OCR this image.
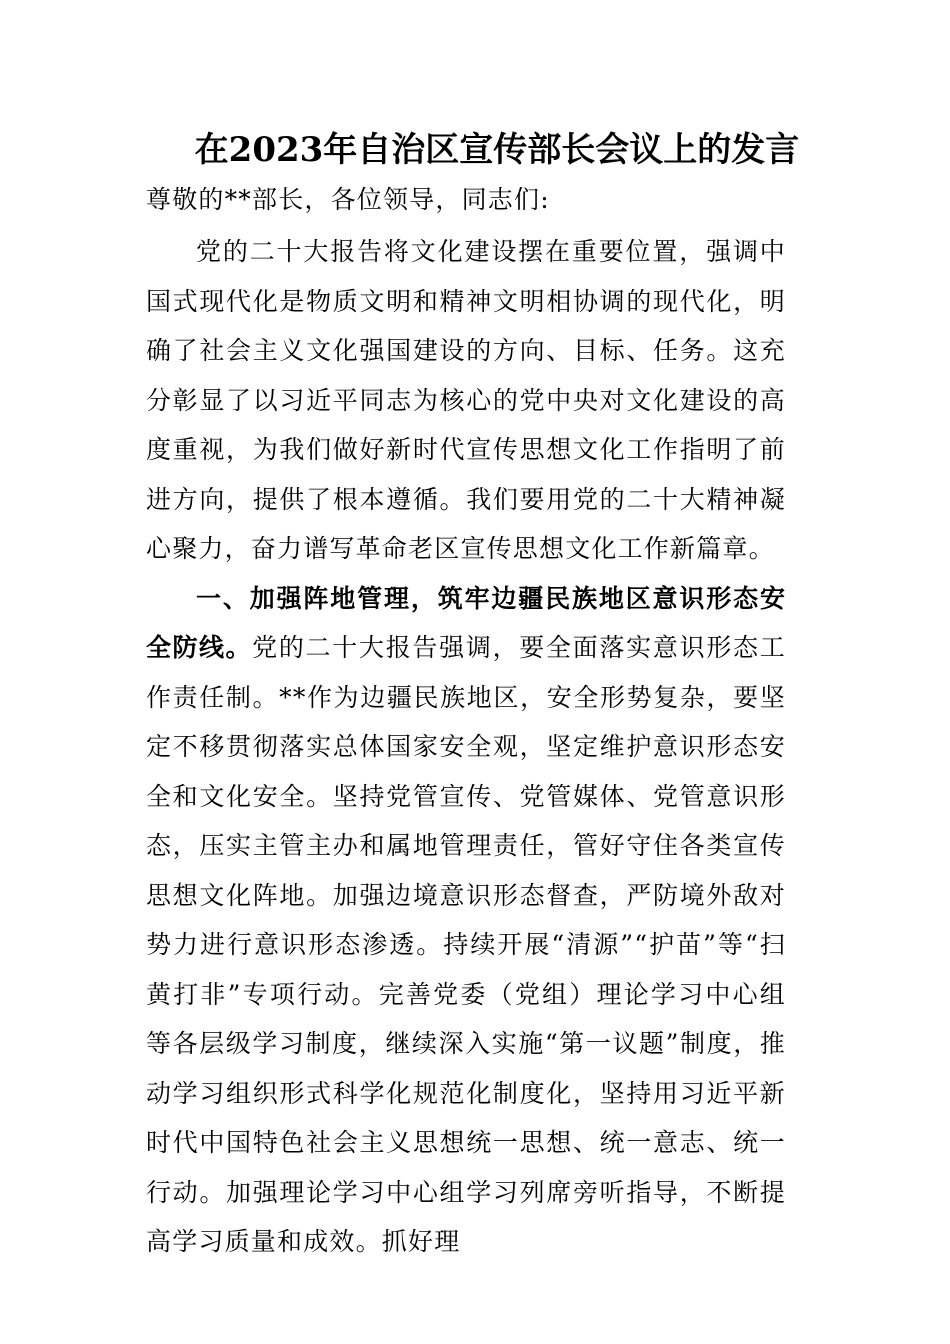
在2023年自治区宣传部长会议上的发言
尊敬的**部长，各位领导，同志们:

党的二十大报告将文化建设摆在重要位置，强调中国式现代化是物质文明和精神文明相协调的现代化，明确了社会主义文化强国建设的方向、目标、任务。这充分彰显了以习近平同志为核心的党中央对文化建设的高度重视，为我们做好新时代宣传思想文化工作指明了前进方向，提供了根本遵循。我们要用党的二十大精神凝心聚力，奋力谱写革命老区宣传思想文化工作新篇章。

一、加强阵地管理，筑牢边疆民族地区意识形态安全防线。党的二十大报告强调，要全面落实意识形态工作责任制。**作为边疆民族地区，安全形势复杂，要坚定不移贯彻落实总体国家安全观，坚定维护意识形态安全和文化安全。坚持党管宣传、党管媒体、党管意识形态，压实主管主办和属地管理责任，管好守住各类宣传思想文化阵地。加强边境意识形态督查，严防境外敌对势力进行意识形态渗透。持续开展“清源”“护苗”等“扫黄打非”专项行动。完善党委（党组）理论学习中心组等各层级学习制度，继续深入实施“第一议题”制度，推动学习组织形式科学化规范化制度化，坚持用习近平新时代中国特色社会主义思想统一思想、统一意志、统一行动。加强理论学习中心组学习列席旁听指导，不断提高学习质量和成效。抓好理
